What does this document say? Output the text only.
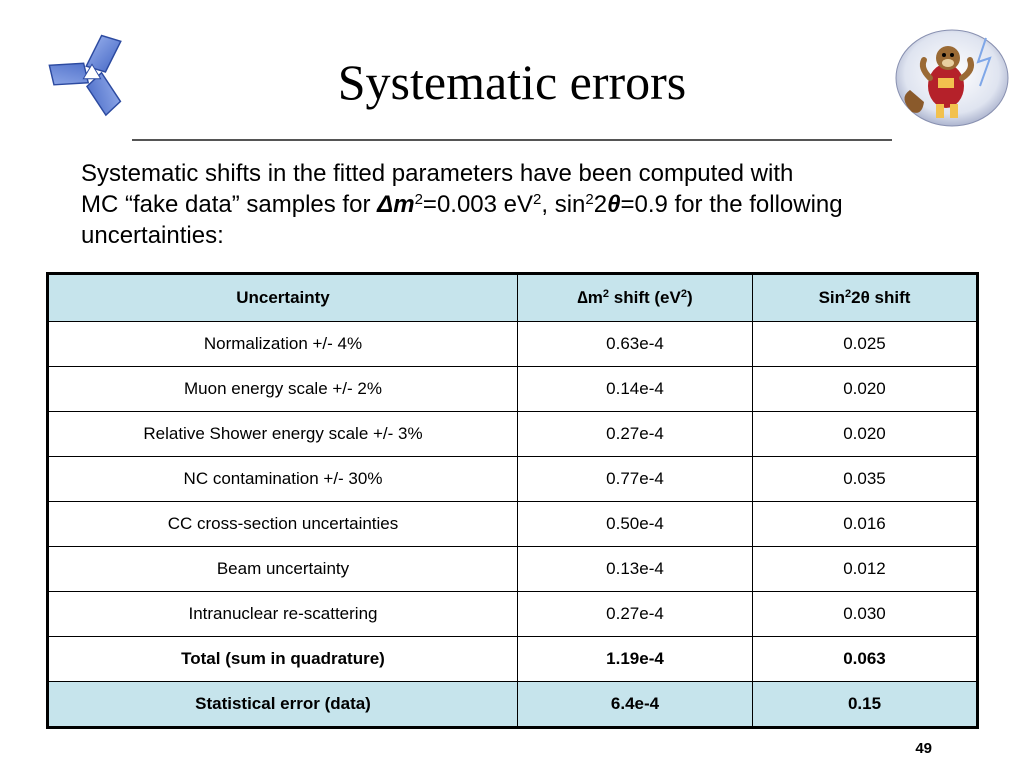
Systematic errors
Systematic shifts in the fitted parameters have been computed with
MC “fake data” samples for $\Delta m^2=0.003$ $eV^2$, $\sin^22\theta=0.9$ for the following
uncertainties:
Uncertainty	$\Delta m^2$ shift $(eV^2)$	Sin$^2$2θ shift
Normalization +/- 4%	0.63e-4	0.025
Muon energy scale +/- 2%	0.14e-4	0.020
Relative Shower energy scale +/- 3%	0.27e-4	0.020
NC contamination +/- 30%	0.77e-4	0.035
CC cross-section uncertainties	0.50e-4	0.016
Beam uncertainty	0.13e-4	0.012
Intranuclear re-scattering	0.27e-4	0.030
Total (sum in quadrature)	1.19e-4	0.063
Statistical error (data)	6.4e-4	0.15
49
